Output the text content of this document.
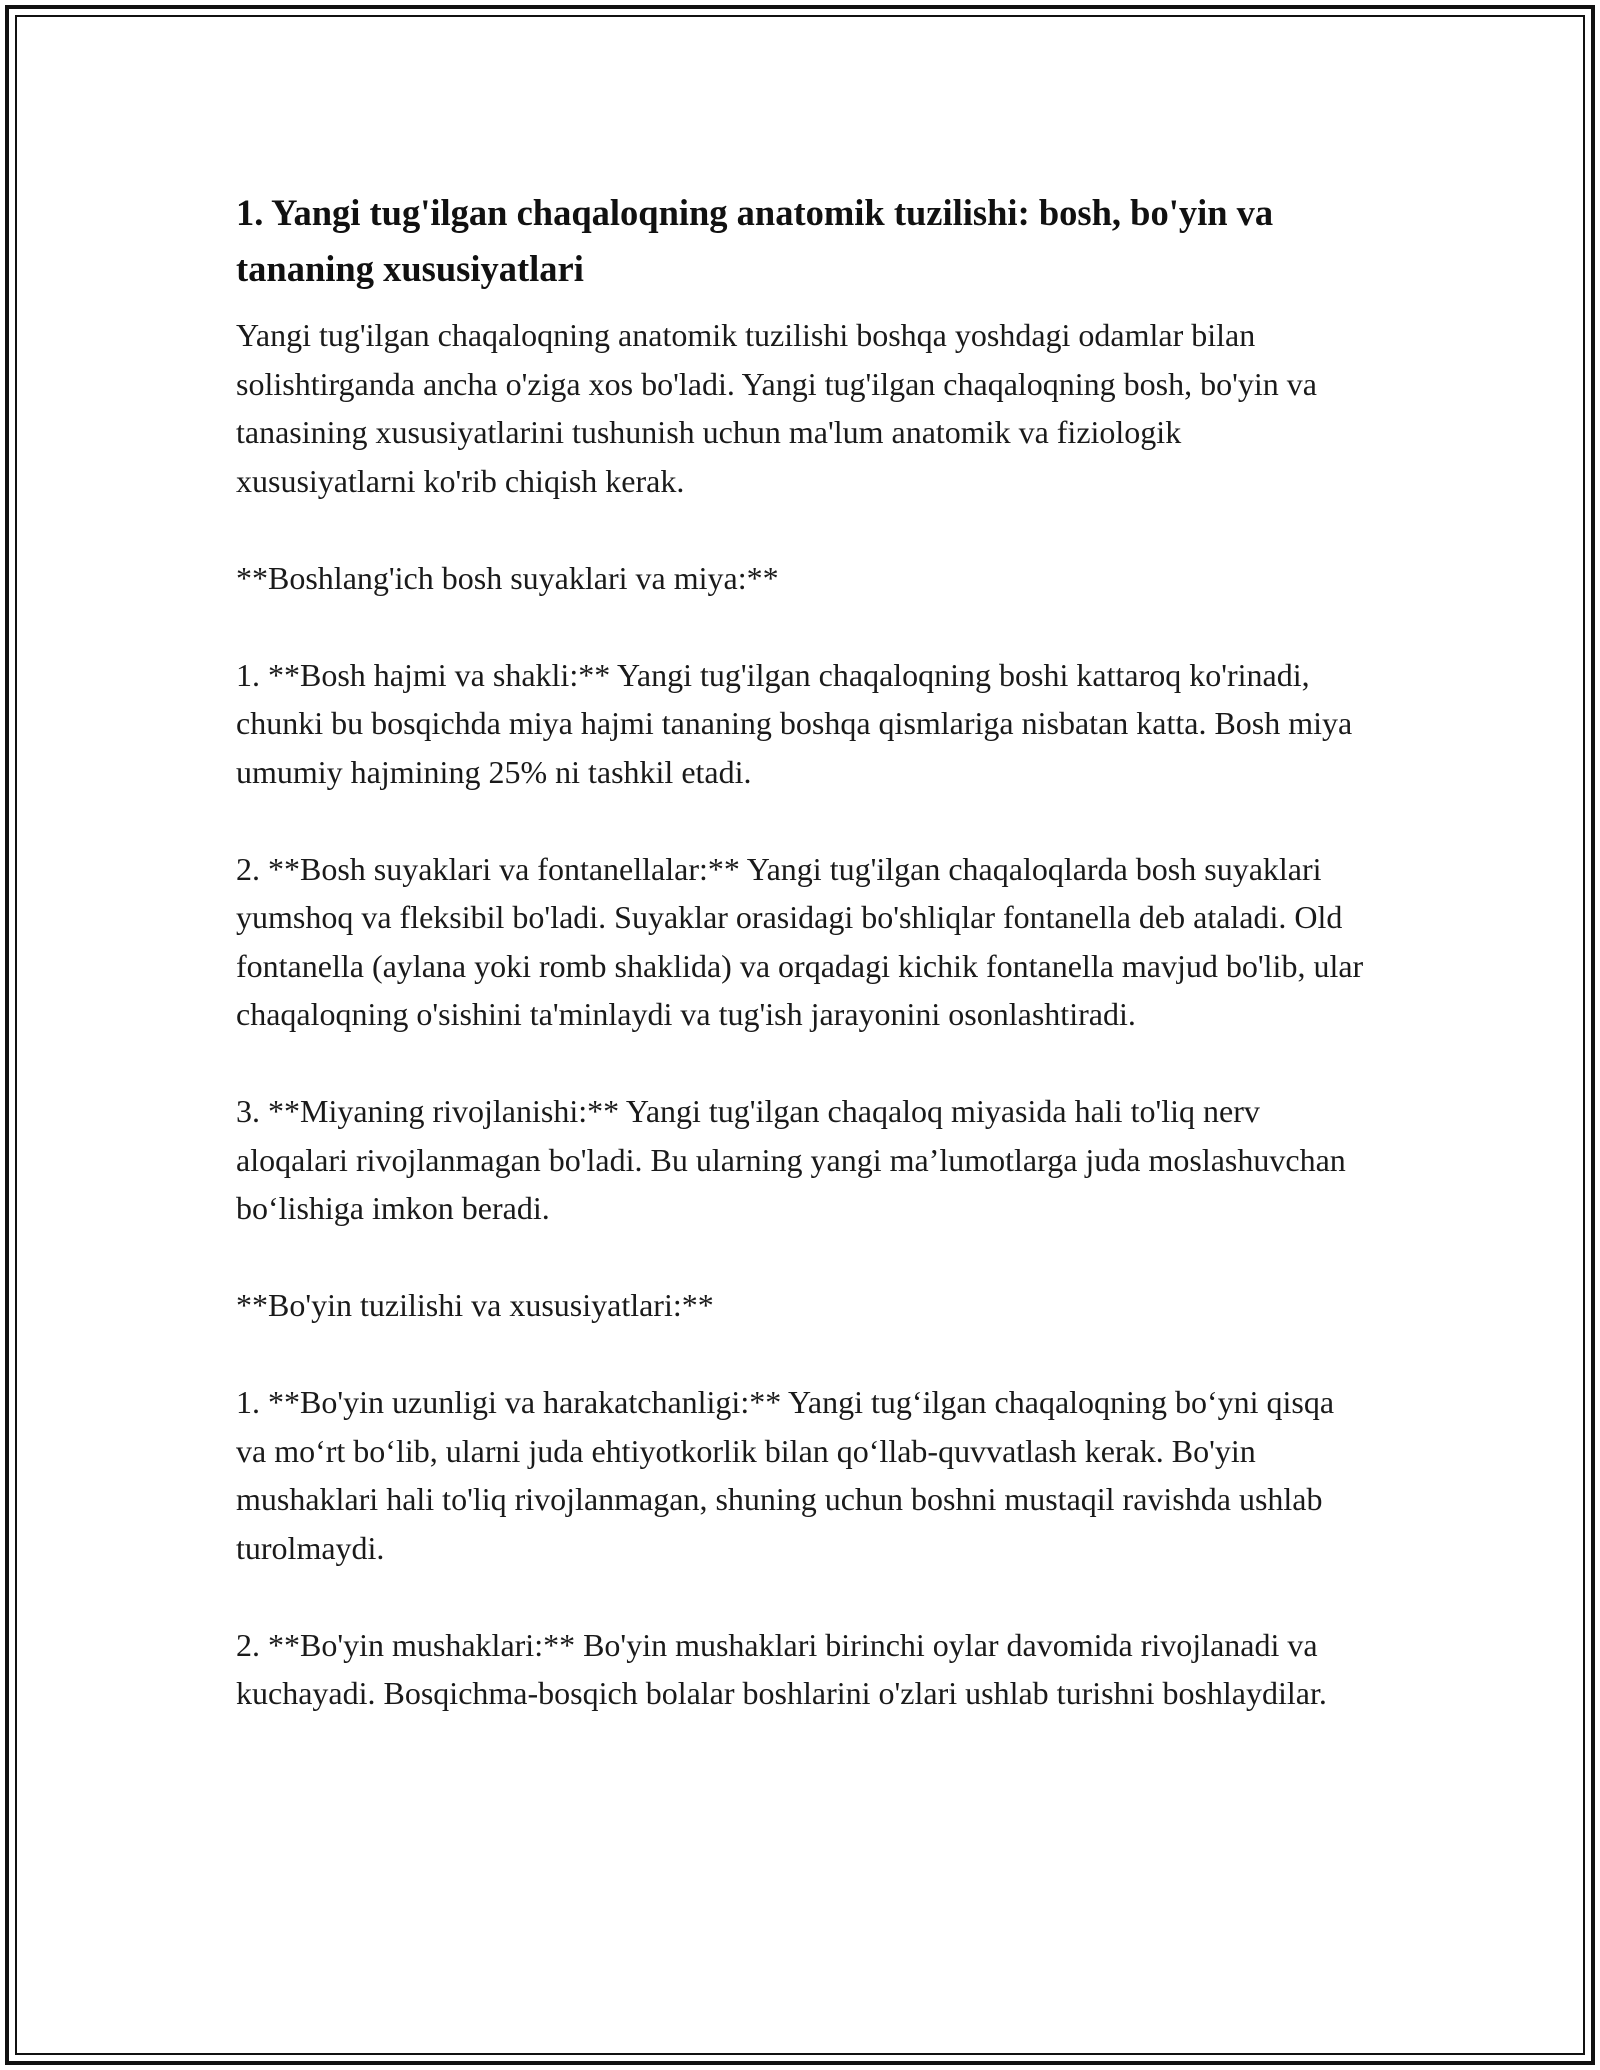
1. Yangi tug'ilgan chaqaloqning anatomik tuzilishi: bosh, bo'yin va tananing xususiyatlari

Yangi tug'ilgan chaqaloqning anatomik tuzilishi boshqa yoshdagi odamlar bilan solishtirganda ancha o'ziga xos bo'ladi. Yangi tug'ilgan chaqaloqning bosh, bo'yin va tanasining xususiyatlarini tushunish uchun ma'lum anatomik va fiziologik xususiyatlarni ko'rib chiqish kerak.

**Boshlang'ich bosh suyaklari va miya:**

1. **Bosh hajmi va shakli:** Yangi tug'ilgan chaqaloqning boshi kattaroq ko'rinadi, chunki bu bosqichda miya hajmi tananing boshqa qismlariga nisbatan katta. Bosh miya umumiy hajmining 25% ni tashkil etadi.

2. **Bosh suyaklari va fontanellalar:** Yangi tug'ilgan chaqaloqlarda bosh suyaklari yumshoq va fleksibil bo'ladi. Suyaklar orasidagi bo'shliqlar fontanella deb ataladi. Old fontanella (aylana yoki romb shaklida) va orqadagi kichik fontanella mavjud bo'lib, ular chaqaloqning o'sishini ta'minlaydi va tug'ish jarayonini osonlashtiradi.

3. **Miyaning rivojlanishi:** Yangi tug'ilgan chaqaloq miyasida hali to'liq nerv aloqalari rivojlanmagan bo'ladi. Bu ularning yangi ma’lumotlarga juda moslashuvchan bo‘lishiga imkon beradi.

**Bo'yin tuzilishi va xususiyatlari:**

1. **Bo'yin uzunligi va harakatchanligi:** Yangi tug‘ilgan chaqaloqning bo‘yni qisqa va mo‘rt bo‘lib, ularni juda ehtiyotkorlik bilan qo‘llab-quvvatlash kerak. Bo'yin mushaklari hali to'liq rivojlanmagan, shuning uchun boshni mustaqil ravishda ushlab turolmaydi.

2. **Bo'yin mushaklari:** Bo'yin mushaklari birinchi oylar davomida rivojlanadi va kuchayadi. Bosqichma-bosqich bolalar boshlarini o'zlari ushlab turishni boshlaydilar.
